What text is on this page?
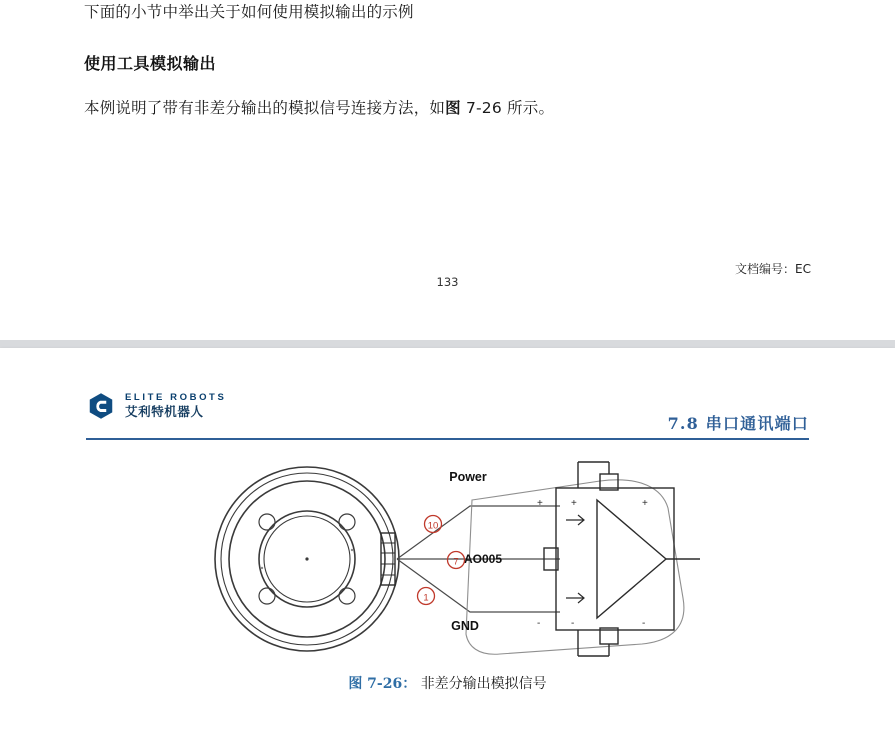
下面的小节中举出关于如何使用模拟输出的示例
使用工具模拟输出
本例说明了带有非差分输出的模拟信号连接方法，如图 7-26 所示。
133
文档编号：EC
ELITE ROBOTS
艾利特机器人
7.8 串口通讯端口
+	+
-	-
+
-
Power
GND
AO005
10
7
1
图 7-26： 非差分输出模拟信号
